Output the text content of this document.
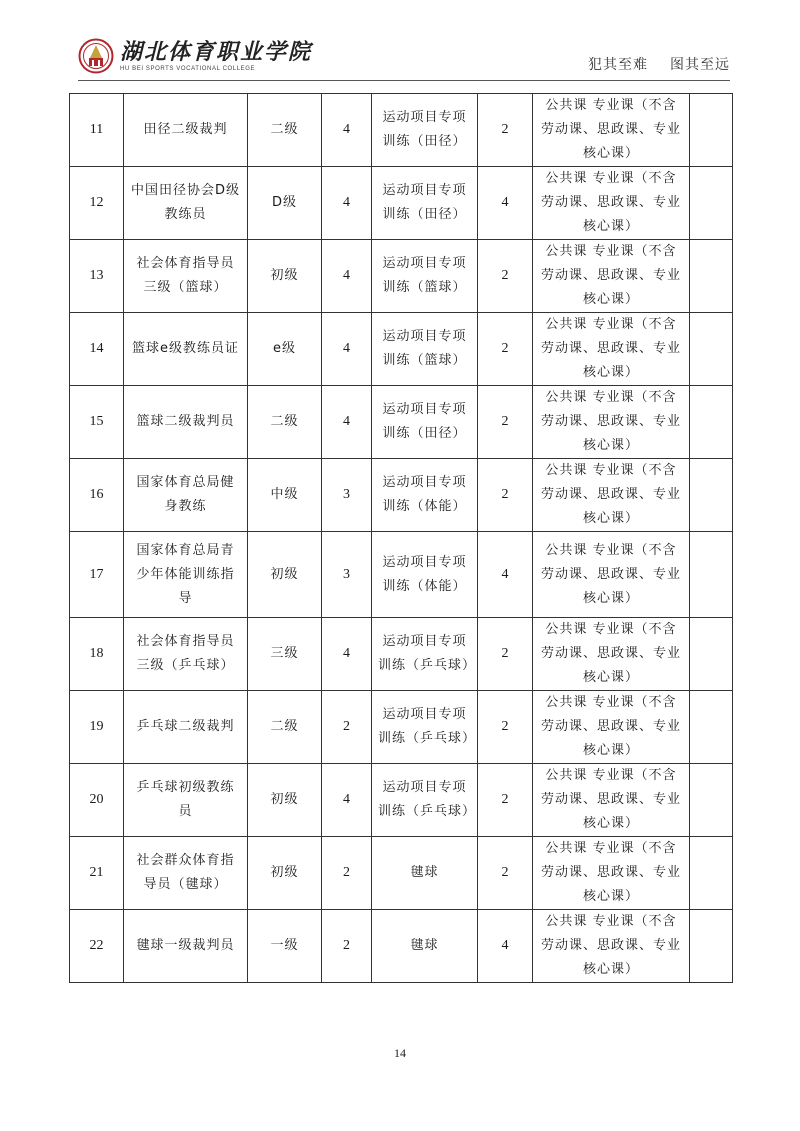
湖北体育职业学院
HU BEI SPORTS VOCATIONAL COLLEGE	犯其至难 图其至远
11	田径二级裁判	二级	4	运动项目专项训练（田径）	2	公共课 专业课（不含劳动课、思政课、专业核心课）	
12	中国田径协会D级教练员	D级	4	运动项目专项训练（田径）	4	公共课 专业课（不含劳动课、思政课、专业核心课）	
13	社会体育指导员三级（篮球）	初级	4	运动项目专项训练（篮球）	2	公共课 专业课（不含劳动课、思政课、专业核心课）	
14	篮球e级教练员证	e级	4	运动项目专项训练（篮球）	2	公共课 专业课（不含劳动课、思政课、专业核心课）	
15	篮球二级裁判员	二级	4	运动项目专项训练（田径）	2	公共课 专业课（不含劳动课、思政课、专业核心课）	
16	国家体育总局健身教练	中级	3	运动项目专项训练（体能）	2	公共课 专业课（不含劳动课、思政课、专业核心课）	
17	国家体育总局青少年体能训练指导	初级	3	运动项目专项训练（体能）	4	公共课 专业课（不含劳动课、思政课、专业核心课）	
18	社会体育指导员三级（乒乓球）	三级	4	运动项目专项训练（乒乓球）	2	公共课 专业课（不含劳动课、思政课、专业核心课）	
19	乒乓球二级裁判	二级	2	运动项目专项训练（乒乓球）	2	公共课 专业课（不含劳动课、思政课、专业核心课）	
20	乒乓球初级教练员	初级	4	运动项目专项训练（乒乓球）	2	公共课 专业课（不含劳动课、思政课、专业核心课）	
21	社会群众体育指导员（毽球）	初级	2	毽球	2	公共课 专业课（不含劳动课、思政课、专业核心课）	
22	毽球一级裁判员	一级	2	毽球	4	公共课 专业课（不含劳动课、思政课、专业核心课）	
14
